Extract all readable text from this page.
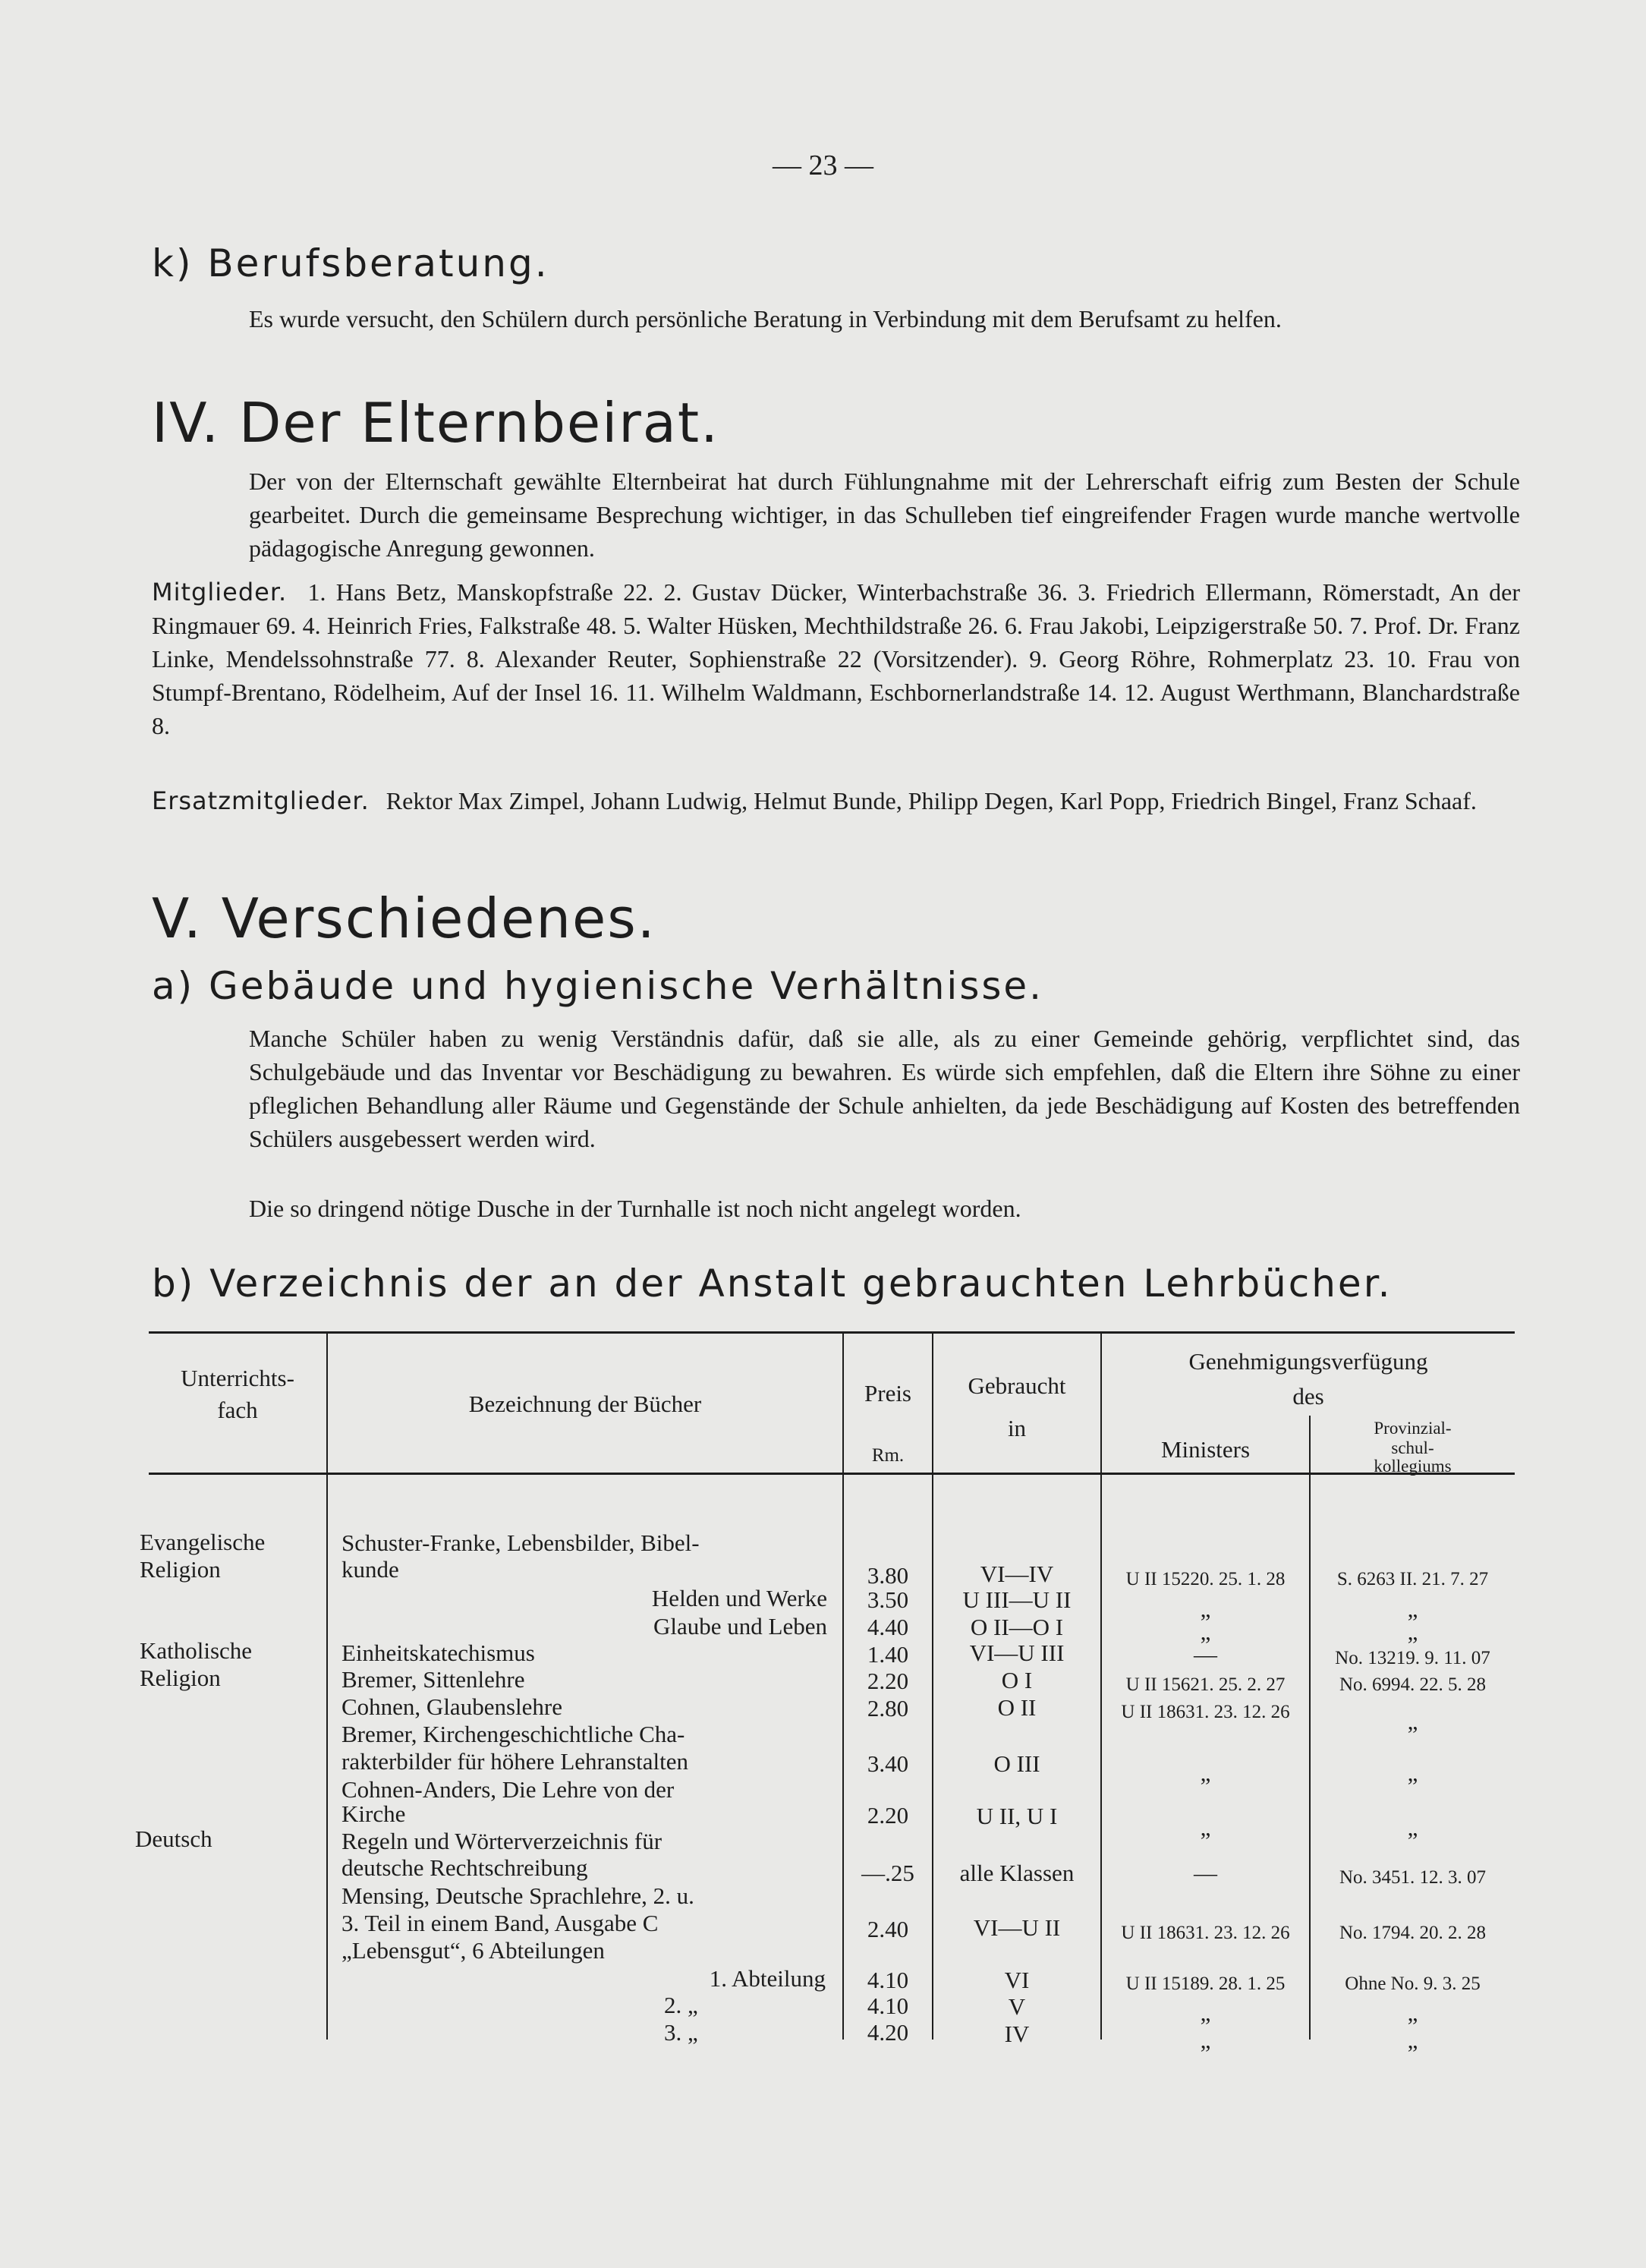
— 23 —
k) Berufsberatung.

Es wurde versucht, den Schülern durch persönliche Beratung in Verbindung mit dem Berufsamt zu helfen.

IV. Der Elternbeirat.

Der von der Elternschaft gewählte Elternbeirat hat durch Fühlungnahme mit der Lehrerschaft eifrig zum Besten der Schule gearbeitet. Durch die gemeinsame Besprechung wichtiger, in das Schulleben tief eingreifender Fragen wurde manche wertvolle pädagogische Anregung gewonnen.

Mitglieder. 1. Hans Betz, Manskopfstraße 22. 2. Gustav Dücker, Winterbachstraße 36. 3. Friedrich Ellermann, Römerstadt, An der Ringmauer 69. 4. Heinrich Fries, Falkstraße 48. 5. Walter Hüsken, Mechthildstraße 26. 6. Frau Jakobi, Leipzigerstraße 50. 7. Prof. Dr. Franz Linke, Mendelssohnstraße 77. 8. Alexander Reuter, Sophienstraße 22 (Vorsitzender). 9. Georg Röhre, Rohmerplatz 23. 10. Frau von Stumpf-Brentano, Rödelheim, Auf der Insel 16. 11. Wilhelm Waldmann, Eschbornerlandstraße 14. 12. August Werthmann, Blanchardstraße 8.

Ersatzmitglieder. Rektor Max Zimpel, Johann Ludwig, Helmut Bunde, Philipp Degen, Karl Popp, Friedrich Bingel, Franz Schaaf.

V. Verschiedenes.
a) Gebäude und hygienische Verhältnisse.

Manche Schüler haben zu wenig Verständnis dafür, daß sie alle, als zu einer Gemeinde gehörig, verpflichtet sind, das Schulgebäude und das Inventar vor Beschädigung zu bewahren. Es würde sich empfehlen, daß die Eltern ihre Söhne zu einer pfleglichen Behandlung aller Räume und Gegenstände der Schule anhielten, da jede Beschädigung auf Kosten des betreffenden Schülers ausgebessert werden wird.

Die so dringend nötige Dusche in der Turnhalle ist noch nicht angelegt worden.

b) Verzeichnis der an der Anstalt gebrauchten Lehrbücher.
Unterrichts-
fach	Bezeichnung der Bücher	Preis
Rm.
Gebraucht
in
Genehmigungsverfügung
des
Ministers
Provinzial-
schul-
kollegiums
Evangelische
Religion
Katholische
Religion
Deutsch
Schuster-Franke, Lebensbilder, Bibel-
kunde
Helden und Werke
Glaube und Leben
Einheitskatechismus
Bremer, Sittenlehre
Cohnen, Glaubenslehre
Bremer, Kirchengeschichtliche Cha-
rakterbilder für höhere Lehranstalten
Cohnen-Anders, Die Lehre von der
Kirche
Regeln und Wörterverzeichnis für
deutsche Rechtschreibung
Mensing, Deutsche Sprachlehre, 2. u.
3. Teil in einem Band, Ausgabe C
„Lebensgut“, 6 Abteilungen
1. Abteilung
2. „
3. „
3.80
3.50
4.40
1.40
2.20
2.80
3.40
2.20
—.25
2.40
4.10
4.10
4.20
VI—IV
U III—U II
O II—O I
VI—U III
O I
O II
O III
U II, U I
alle Klassen
VI—U II
VI
V
IV
U II 15220. 25. 1. 28
„
„
—
U II 15621. 25. 2. 27
U II 18631. 23. 12. 26
„
„
—
U II 18631. 23. 12. 26
U II 15189. 28. 1. 25
„
„
S. 6263 II. 21. 7. 27
„
„
No. 13219. 9. 11. 07
No. 6994. 22. 5. 28
„
„
„
No. 3451. 12. 3. 07
No. 1794. 20. 2. 28
Ohne No. 9. 3. 25
„
„
